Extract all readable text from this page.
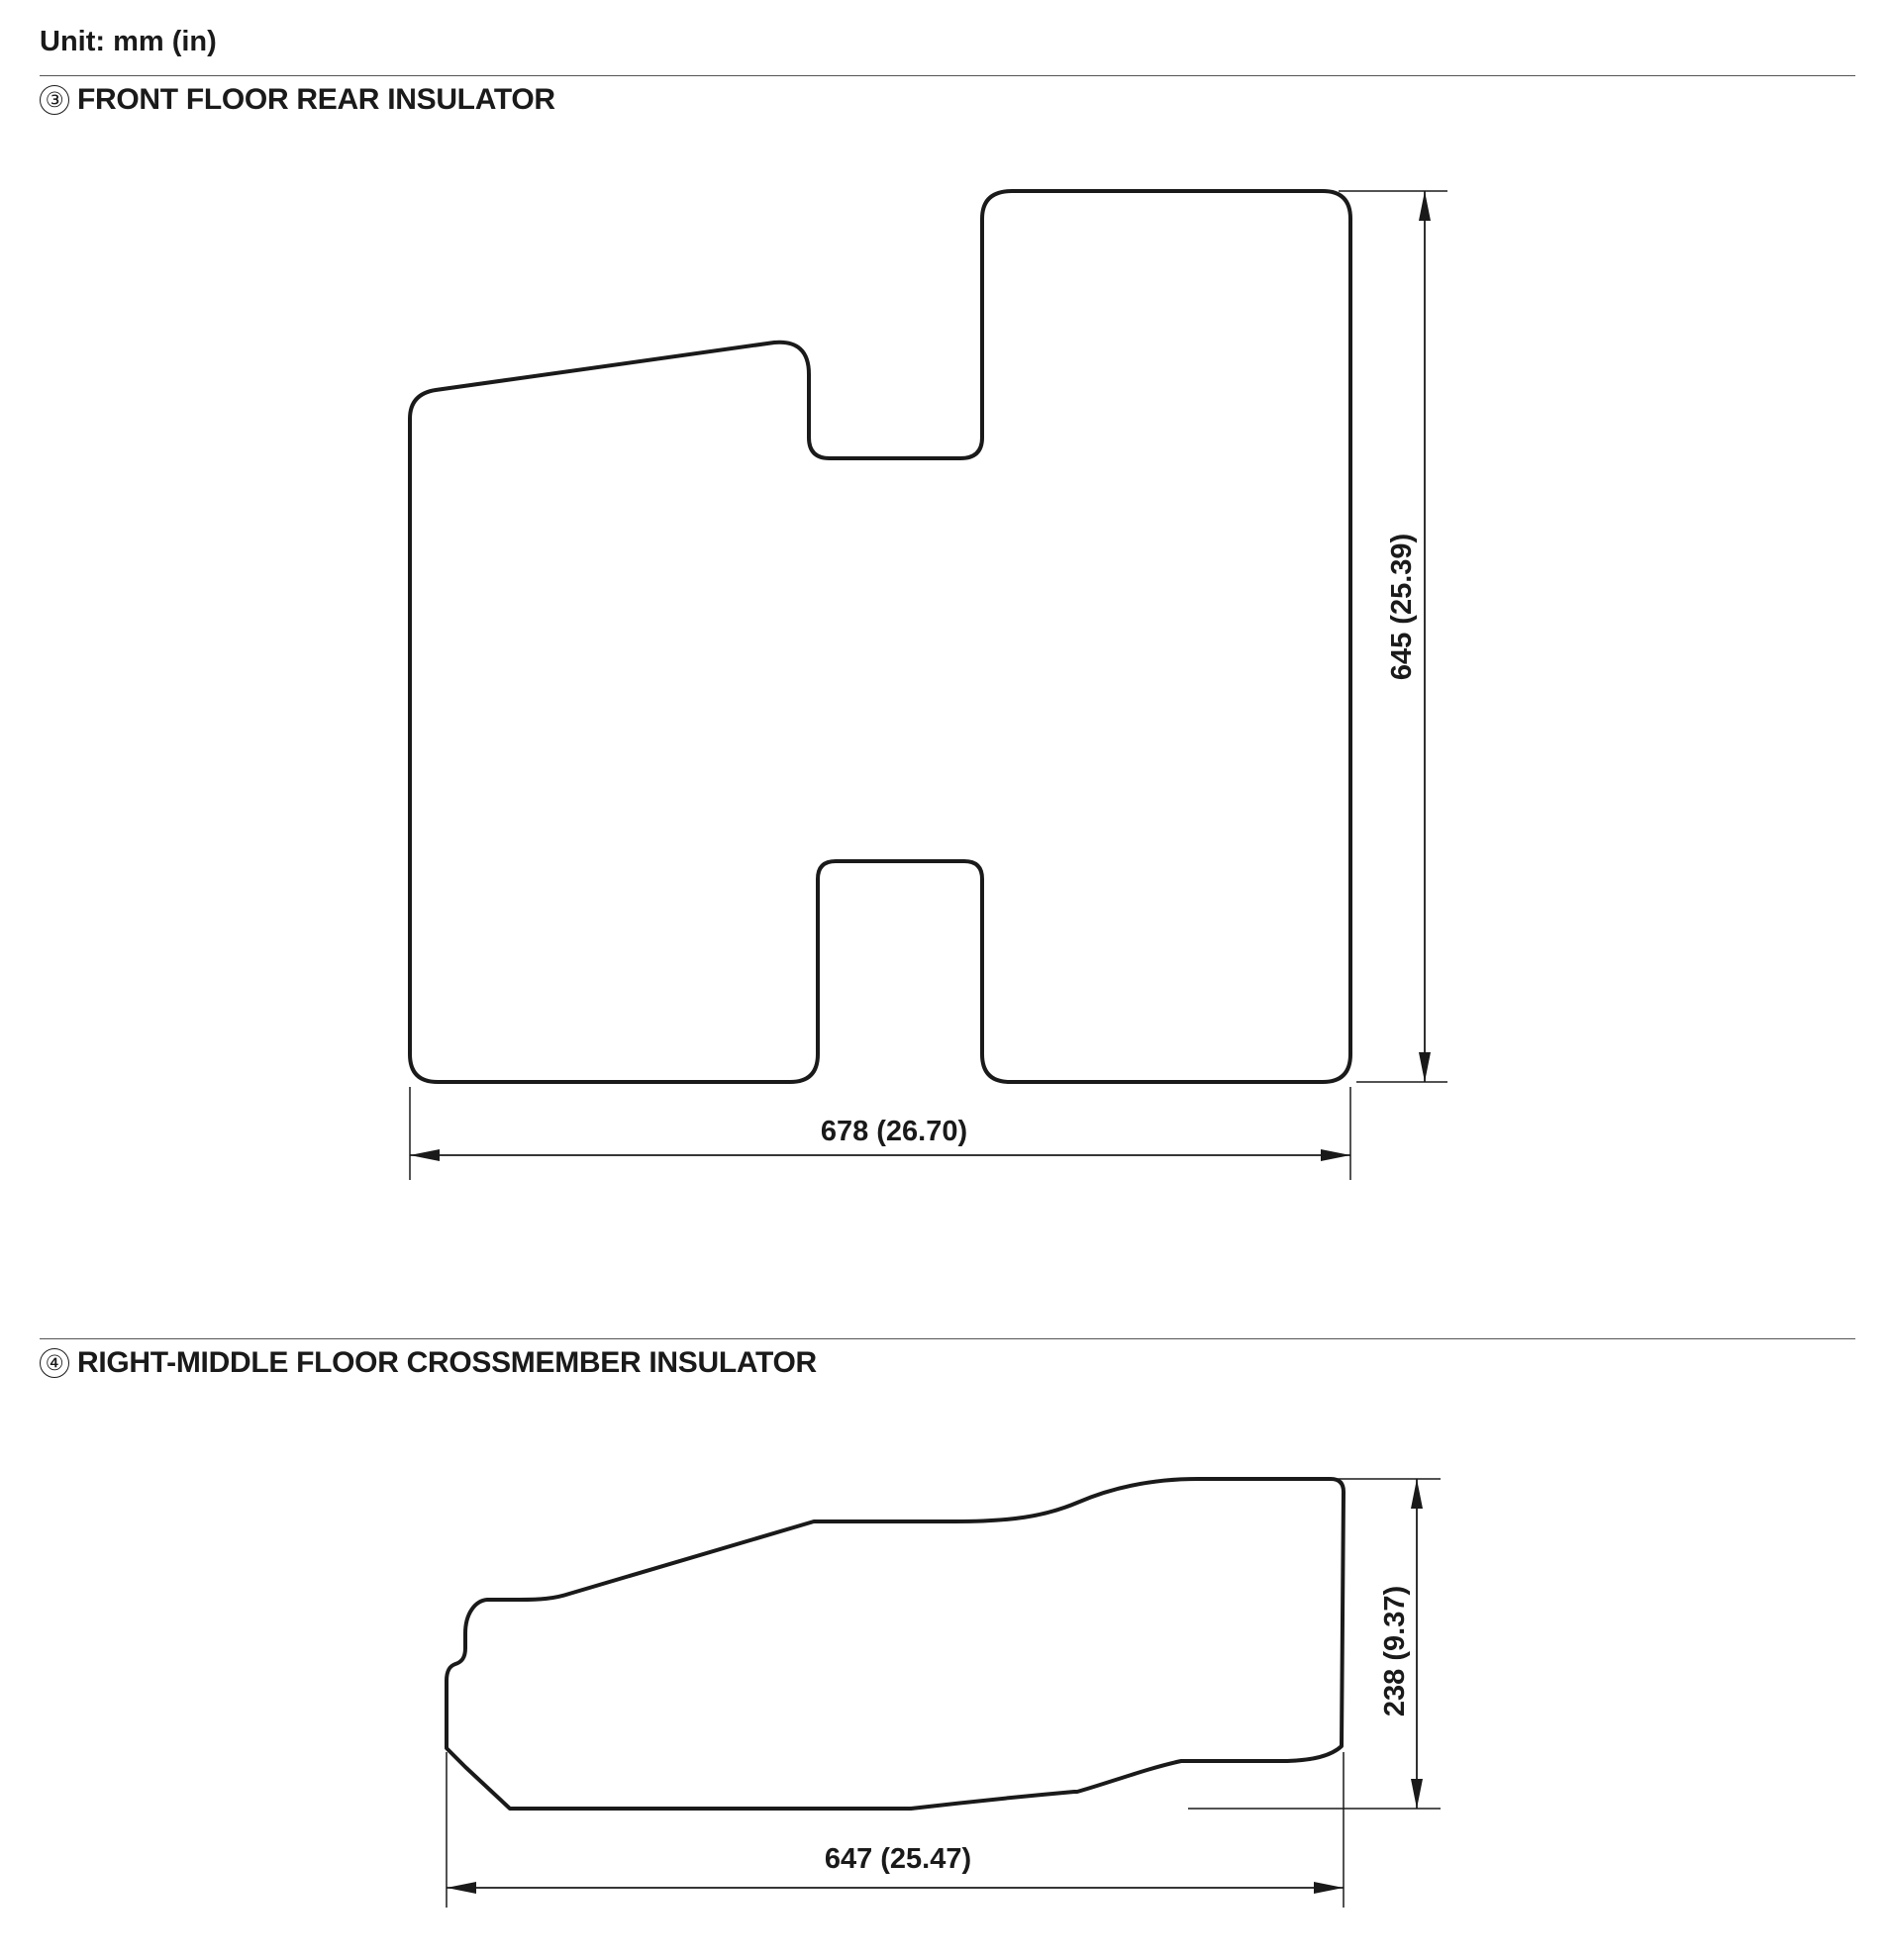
Unit: mm (in)
③ FRONT FLOOR REAR INSULATOR
④ RIGHT-MIDDLE FLOOR CROSSMEMBER INSULATOR
678 (26.70)
645 (25.39)
647 (25.47)
238 (9.37)
